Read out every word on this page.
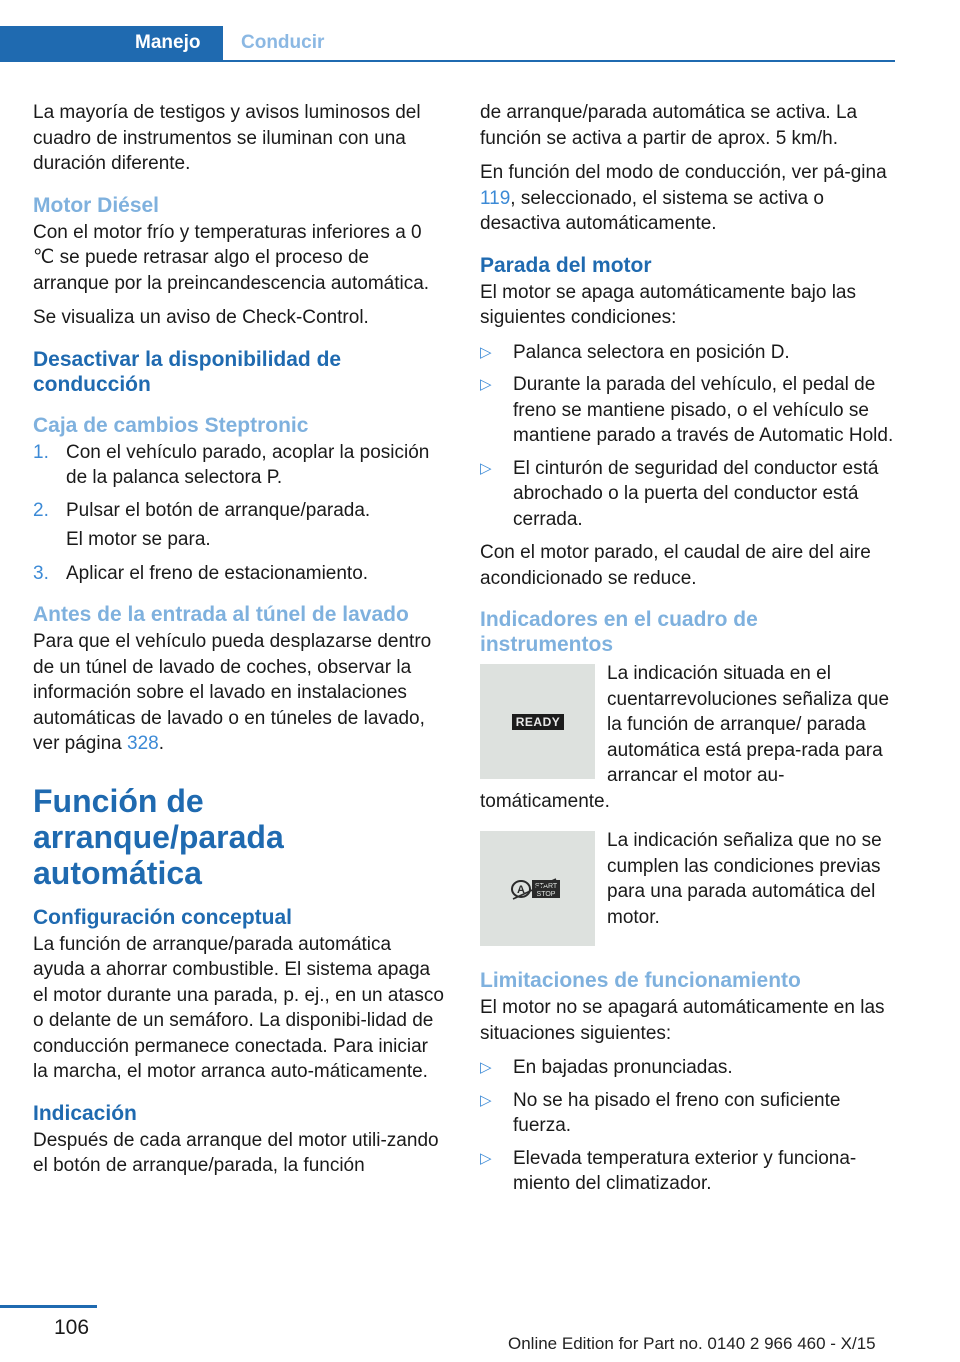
Manejo	Conducir

La mayoría de testigos y avisos luminosos del cuadro de instrumentos se iluminan con una duración diferente.

Motor Diésel

Con el motor frío y temperaturas inferiores a 0 ℃ se puede retrasar algo el proceso de arranque por la preincandescencia automática.

Se visualiza un aviso de Check-Control.

Desactivar la disponibilidad de conducción
Caja de cambios Steptronic
1. Con el vehículo parado, acoplar la posición de la palanca selectora P.
2. Pulsar el botón de arranque/parada.
El motor se para.
3. Aplicar el freno de estacionamiento.
Antes de la entrada al túnel de lavado

Para que el vehículo pueda desplazarse dentro de un túnel de lavado de coches, observar la información sobre el lavado en instalaciones automáticas de lavado o en túneles de lavado, ver página 328.

Función de arranque/parada automática
Configuración conceptual

La función de arranque/parada automática ayuda a ahorrar combustible. El sistema apaga el motor durante una parada, p. ej., en un atasco o delante de un semáforo. La disponibi‐lidad de conducción permanece conectada. Para iniciar la marcha, el motor arranca auto‐máticamente.

Indicación

Después de cada arranque del motor utili‐zando el botón de arranque/parada, la función

de arranque/parada automática se activa. La función se activa a partir de aprox. 5 km/h.

En función del modo de conducción, ver pá‐gina 119, seleccionado, el sistema se activa o desactiva automáticamente.

Parada del motor

El motor se apaga automáticamente bajo las siguientes condiciones:

▷ Palanca selectora en posición D.
▷ Durante la parada del vehículo, el pedal de freno se mantiene pisado, o el vehículo se mantiene parado a través de Automatic Hold.
▷ El cinturón de seguridad del conductor está abrochado o la puerta del conductor está cerrada.

Con el motor parado, el caudal de aire del aire acondicionado se reduce.

Indicadores en el cuadro de instrumentos
READY

La indicación situada en el cuentarrevoluciones señaliza que la función de arranque/ parada automática está prepa‐rada para arrancar el motor au‐tomáticamente.

A START
STOP

La indicación señaliza que no se cumplen las condiciones previas para una parada automática del motor.

Limitaciones de funcionamiento

El motor no se apagará automáticamente en las situaciones siguientes:

▷ En bajadas pronunciadas.
▷ No se ha pisado el freno con suficiente fuerza.
▷ Elevada temperatura exterior y funciona‐miento del climatizador.
106
Online Edition for Part no. 0140 2 966 460 - X/15
